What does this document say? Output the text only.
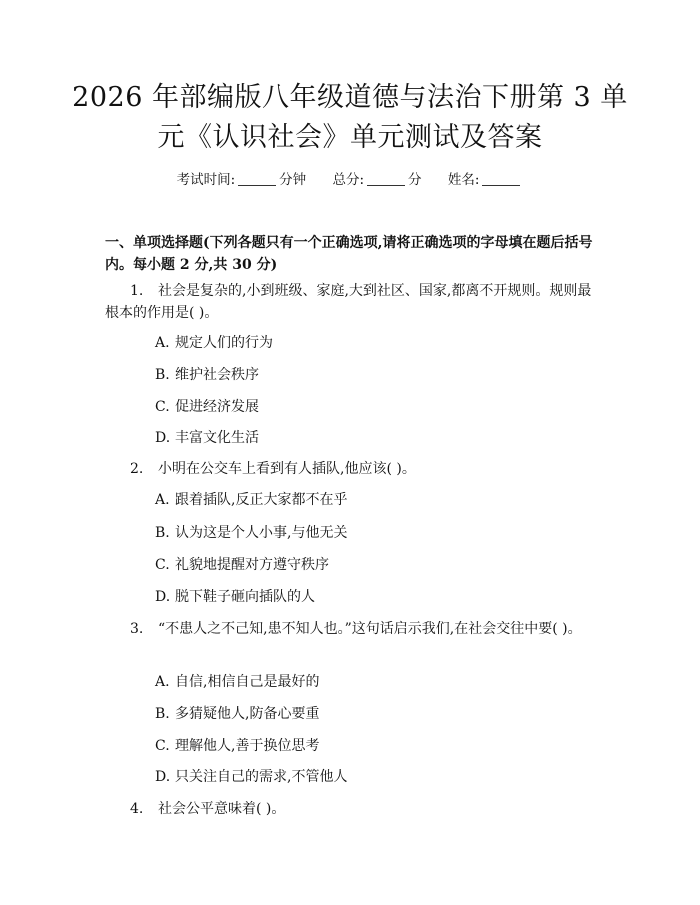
2026 年部编版八年级道德与法治下册第 3 单
元《认识社会》单元测试及答案
考试时间:	分钟 总分:	分 姓名:
一、单项选择题(下列各题只有一个正确选项,请将正确选项的字母填在题后括号内。每小题 2 分,共 30 分)
1. 社会是复杂的,小到班级、家庭,大到社区、国家,都离不开规则。规则最根本的作用是( )。
A. 规定人们的行为
B. 维护社会秩序
C. 促进经济发展
D. 丰富文化生活
2. 小明在公交车上看到有人插队,他应该( )。
A. 跟着插队,反正大家都不在乎
B. 认为这是个人小事,与他无关
C. 礼貌地提醒对方遵守秩序
D. 脱下鞋子砸向插队的人
3. “不患人之不己知,患不知人也。”这句话启示我们,在社会交往中要( )。
A. 自信,相信自己是最好的
B. 多猜疑他人,防备心要重
C. 理解他人,善于换位思考
D. 只关注自己的需求,不管他人
4. 社会公平意味着( )。
